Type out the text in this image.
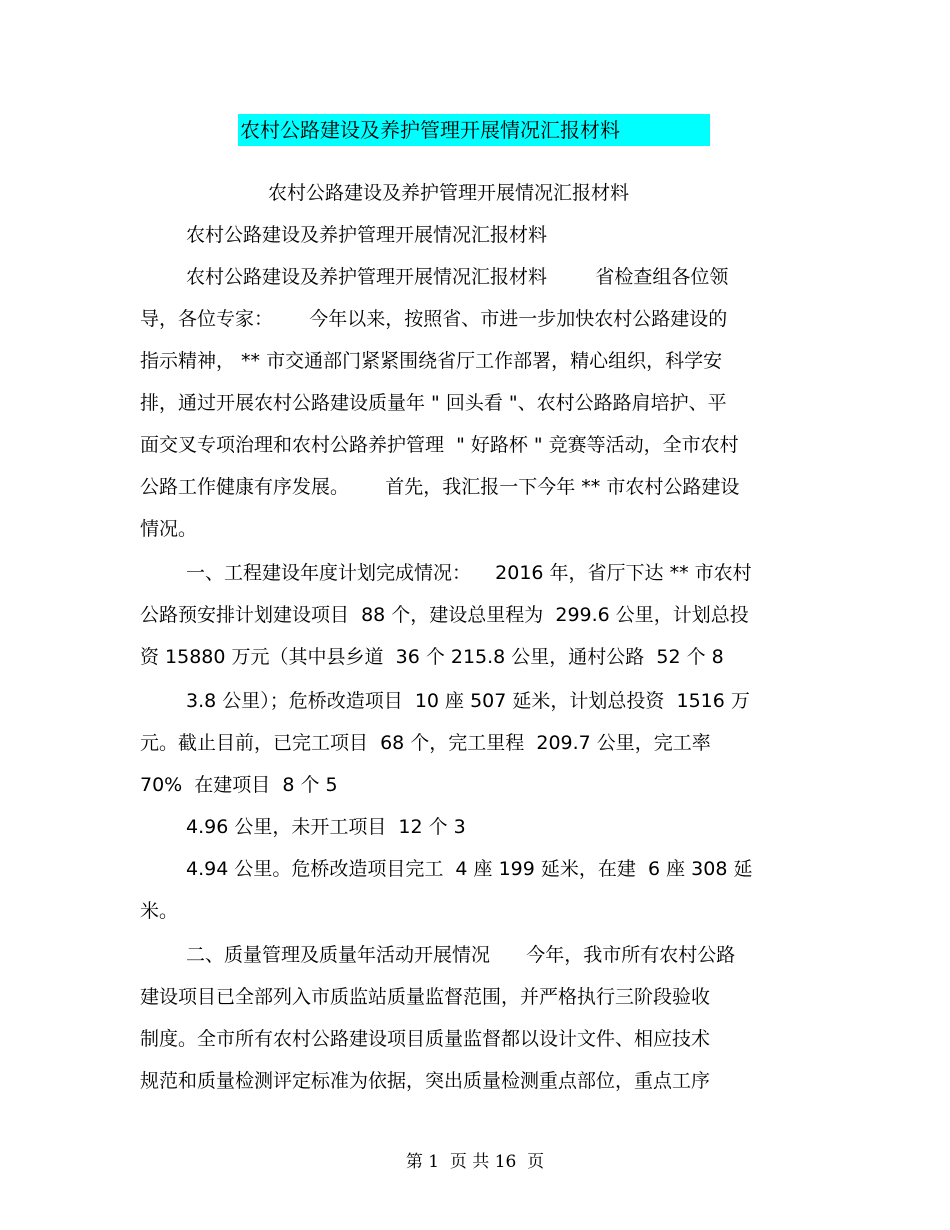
农村公路建设及养护管理开展情况汇报材料
农村公路建设及养护管理开展情况汇报材料
农村公路建设及养护管理开展情况汇报材料
农村公路建设及养护管理开展情况汇报材料        省检查组各位领
导，各位专家：      今年以来，按照省、市进一步加快农村公路建设的
指示精神， ** 市交通部门紧紧围绕省厅工作部署，精心组织，科学安
排，通过开展农村公路建设质量年 " 回头看 "、农村公路路肩培护、平
面交叉专项治理和农村公路养护管理  " 好路杯 " 竞赛等活动，全市农村
公路工作健康有序发展。      首先，我汇报一下今年 ** 市农村公路建设
情况。
一、工程建设年度计划完成情况：    2016 年，省厅下达 ** 市农村
公路预安排计划建设项目  88 个，建设总里程为  299.6 公里，计划总投
资 15880 万元（其中县乡道  36 个 215.8 公里，通村公路  52 个 8
3.8 公里）；危桥改造项目  10 座 507 延米，计划总投资  1516 万
元。截止目前，已完工项目  68 个，完工里程  209.7 公里，完工率
70%  在建项目  8 个 5
4.96 公里，未开工项目  12 个 3
4.94 公里。危桥改造项目完工  4 座 199 延米，在建  6 座 308 延
米。
二、质量管理及质量年活动开展情况      今年，我市所有农村公路
建设项目已全部列入市质监站质量监督范围，并严格执行三阶段验收
制度。全市所有农村公路建设项目质量监督都以设计文件、相应技术
规范和质量检测评定标准为依据，突出质量检测重点部位，重点工序
第 1  页 共 16  页
